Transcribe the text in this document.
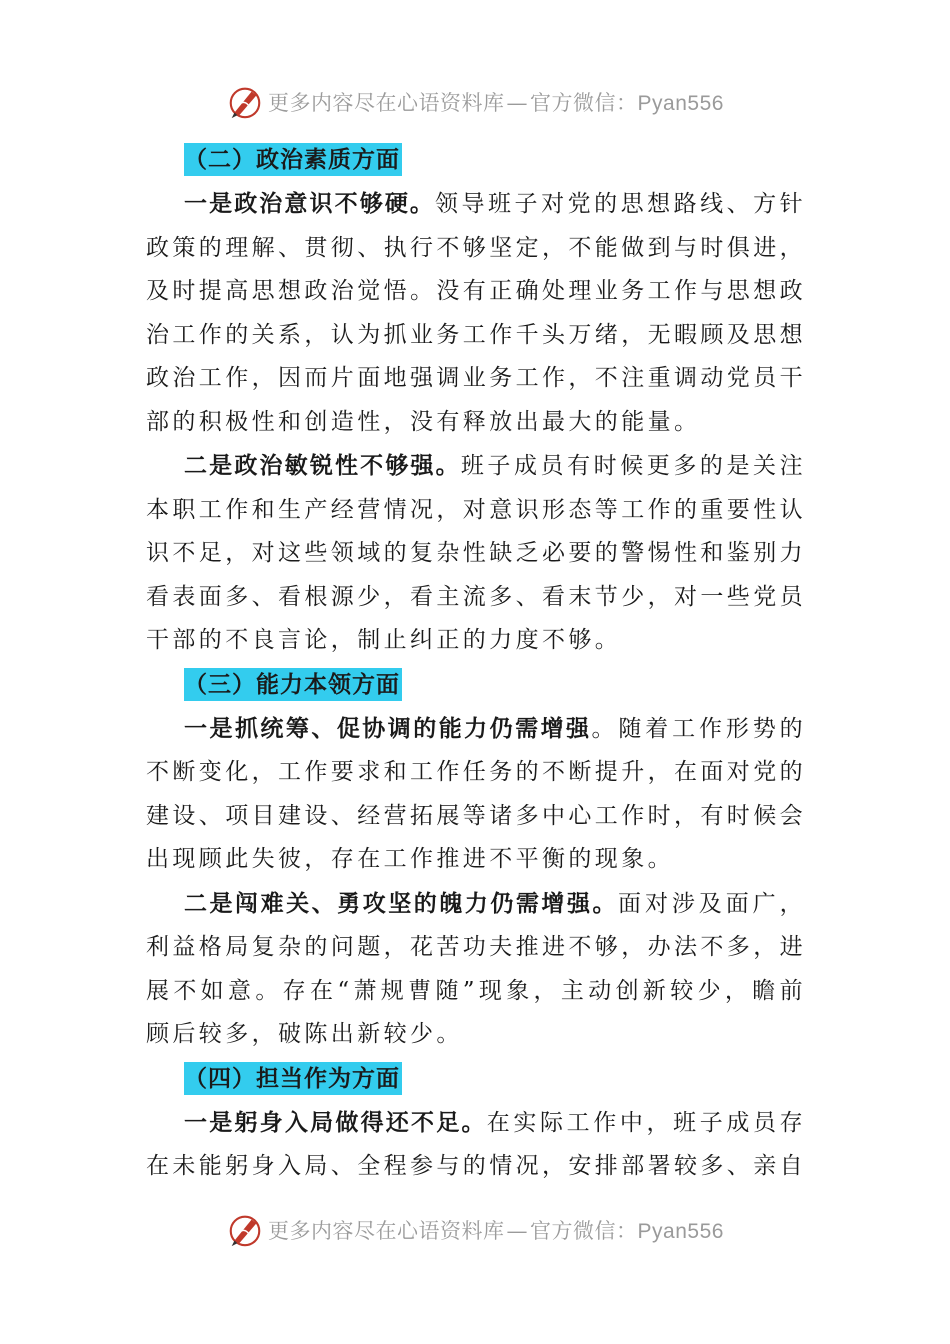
更多内容尽在心语资料库—官方微信：Pyan556
（二）政治素质方面

一是政治意识不够硬。领导班子对党的思想路线、方针政策的理解、贯彻、执行不够坚定，不能做到与时俱进，及时提高思想政治觉悟。没有正确处理业务工作与思想政治工作的关系，认为抓业务工作千头万绪，无暇顾及思想政治工作，因而片面地强调业务工作，不注重调动党员干部的积极性和创造性，没有释放出最大的能量。

二是政治敏锐性不够强。班子成员有时候更多的是关注本职工作和生产经营情况，对意识形态等工作的重要性认识不足，对这些领域的复杂性缺乏必要的警惕性和鉴别力看表面多、看根源少，看主流多、看末节少，对一些党员干部的不良言论，制止纠正的力度不够。

（三）能力本领方面

一是抓统筹、促协调的能力仍需增强。随着工作形势的不断变化，工作要求和工作任务的不断提升，在面对党的建设、项目建设、经营拓展等诸多中心工作时，有时候会出现顾此失彼，存在工作推进不平衡的现象。

二是闯难关、勇攻坚的魄力仍需增强。面对涉及面广，利益格局复杂的问题，花苦功夫推进不够，办法不多，进展不如意。存在“萧规曹随”现象，主动创新较少，瞻前顾后较多，破陈出新较少。

（四）担当作为方面

一是躬身入局做得还不足。在实际工作中，班子成员存在未能躬身入局、全程参与的情况，安排部署较多、亲自

更多内容尽在心语资料库—官方微信：Pyan556
